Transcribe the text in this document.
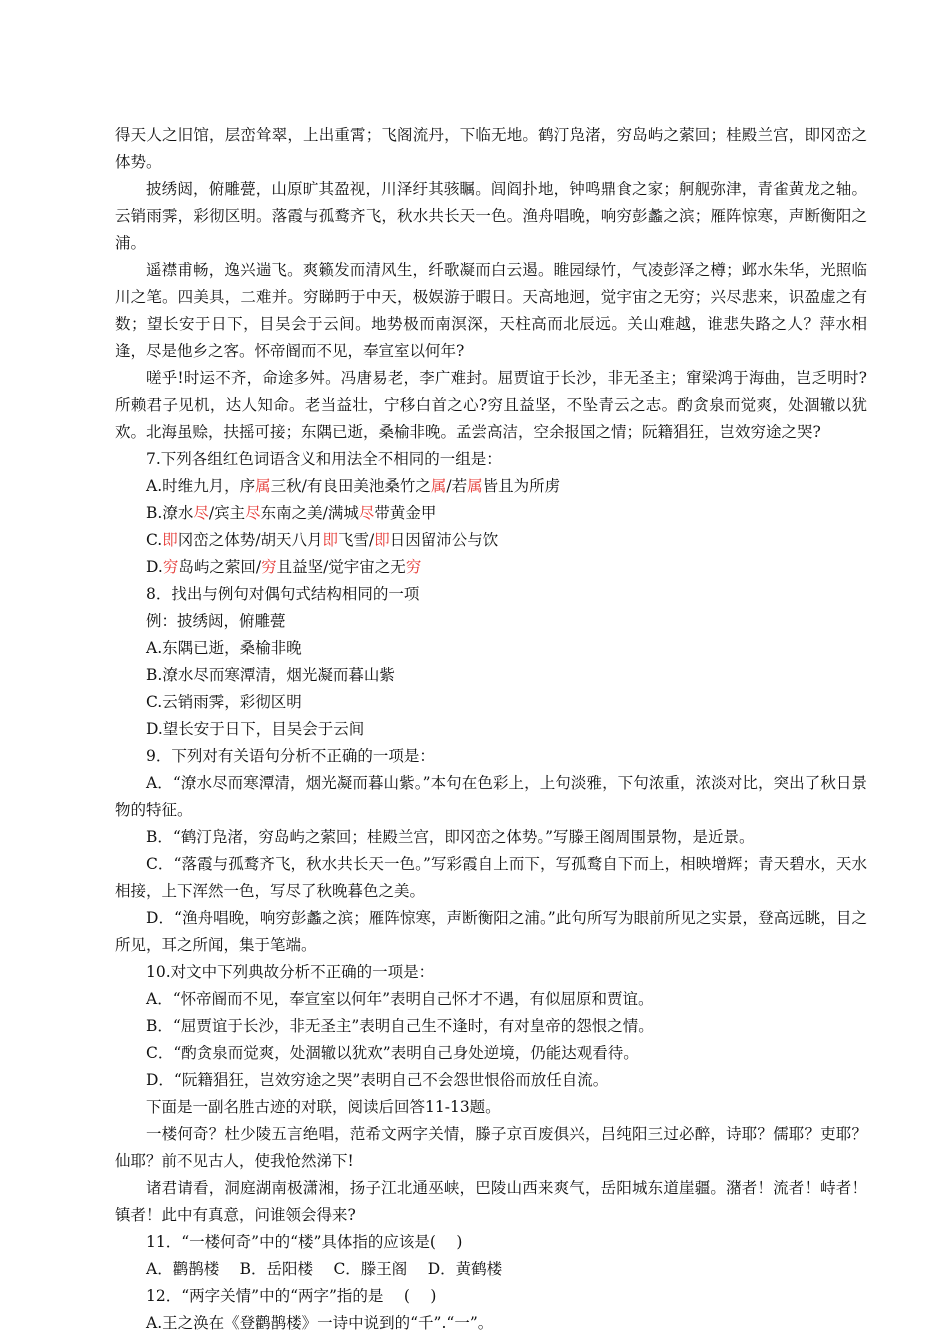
得天人之旧馆，层峦耸翠，上出重霄；飞阁流丹，下临无地。鹤汀凫渚，穷岛屿之萦回；桂殿兰宫，即冈峦之体势。

披绣闼，俯雕甍，山原旷其盈视，川泽纡其骇瞩。闾阎扑地，钟鸣鼎食之家；舸舰弥津，青雀黄龙之轴。云销雨霁，彩彻区明。落霞与孤鹜齐飞，秋水共长天一色。渔舟唱晚，响穷彭蠡之滨；雁阵惊寒，声断衡阳之浦。

遥襟甫畅，逸兴遄飞。爽籁发而清风生，纤歌凝而白云遏。睢园绿竹，气凌彭泽之樽；邺水朱华，光照临川之笔。四美具，二难并。穷睇眄于中天，极娱游于暇日。天高地迥，觉宇宙之无穷；兴尽悲来，识盈虚之有数；望长安于日下，目吴会于云间。地势极而南溟深，天柱高而北辰远。关山难越，谁悲失路之人？萍水相逢，尽是他乡之客。怀帝阍而不见，奉宣室以何年?

嗟乎!时运不齐，命途多舛。冯唐易老，李广难封。屈贾谊于长沙，非无圣主；窜梁鸿于海曲，岂乏明时?所赖君子见机，达人知命。老当益壮，宁移白首之心?穷且益坚，不坠青云之志。酌贪泉而觉爽，处涸辙以犹欢。北海虽赊，扶摇可接；东隅已逝，桑榆非晚。孟尝高洁，空余报国之情；阮籍猖狂，岂效穷途之哭?

7.下列各组红色词语含义和用法全不相同的一组是：

A.时维九月，序属三秋/有良田美池桑竹之属/若属皆且为所虏

B.潦水尽/宾主尽东南之美/满城尽带黄金甲

C.即冈峦之体势/胡天八月即飞雪/即日因留沛公与饮

D.穷岛屿之萦回/穷且益坚/觉宇宙之无穷

8．找出与例句对偶句式结构相同的一项

例：披绣闼，俯雕甍

A.东隅已逝，桑榆非晚

B.潦水尽而寒潭清，烟光凝而暮山紫

C.云销雨霁，彩彻区明

D.望长安于日下，目吴会于云间

9．下列对有关语句分析不正确的一项是：

A．“潦水尽而寒潭清，烟光凝而暮山紫。”本句在色彩上，上句淡雅，下句浓重，浓淡对比，突出了秋日景物的特征。

B．“鹤汀凫渚，穷岛屿之萦回；桂殿兰宫，即冈峦之体势。”写滕王阁周围景物，是近景。

C．“落霞与孤鹜齐飞，秋水共长天一色。”写彩霞自上而下，写孤鹜自下而上，相映增辉；青天碧水，天水相接，上下浑然一色，写尽了秋晚暮色之美。

D．“渔舟唱晚，响穷彭蠡之滨；雁阵惊寒，声断衡阳之浦。”此句所写为眼前所见之实景，登高远眺，目之所见，耳之所闻，集于笔端。

10.对文中下列典故分析不正确的一项是：

A．“怀帝阍而不见，奉宣室以何年”表明自己怀才不遇，有似屈原和贾谊。

B．“屈贾谊于长沙，非无圣主”表明自己生不逢时，有对皇帝的怨恨之情。

C．“酌贪泉而觉爽，处涸辙以犹欢”表明自己身处逆境，仍能达观看待。

D．“阮籍猖狂，岂效穷途之哭”表明自己不会怨世恨俗而放任自流。

下面是一副名胜古迹的对联，阅读后回答11-13题。

一楼何奇？杜少陵五言绝唱，范希文两字关情，滕子京百废俱兴，吕纯阳三过必醉，诗耶？儒耶？吏耶？仙耶？前不见古人，使我怆然涕下!

诸君请看，洞庭湖南极潇湘，扬子江北通巫峡，巴陵山西来爽气，岳阳城东道崖疆。潴者！流者！峙者！镇者！此中有真意，问谁领会得来?

11．“一楼何奇”中的“楼”具体指的应该是(　 )

A．鹳鹊楼　 B．岳阳楼　 C．滕王阁　 D．黄鹤楼

12．“两字关情”中的“两字”指的是　 (　 )

A.王之涣在《登鹳鹊楼》一诗中说到的“千”.“一”。
